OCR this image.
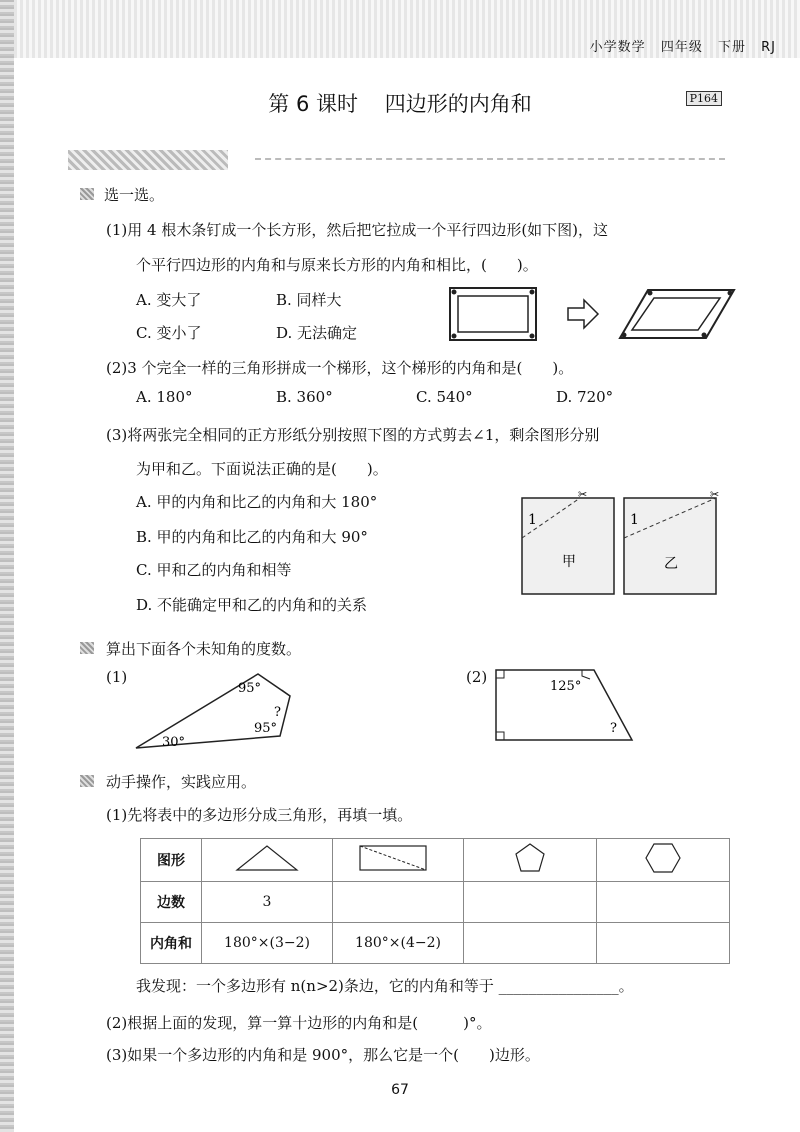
小学数学 四年级 下册 RJ
第 6 课时 四边形的内角和	P164
选一选。
(1)用 4 根木条钉成一个长方形，然后把它拉成一个平行四边形(如下图)，这
个平行四边形的内角和与原来长方形的内角和相比，(　　)。
A. 变大了	B. 同样大
C. 变小了	D. 无法确定
(2)3 个完全一样的三角形拼成一个梯形，这个梯形的内角和是(　　)。
A. 180°	B. 360°	C. 540°	D. 720°
(3)将两张完全相同的正方形纸分别按照下图的方式剪去∠1，剩余图形分别
为甲和乙。下面说法正确的是(　　)。
A. 甲的内角和比乙的内角和大 180°
B. 甲的内角和比乙的内角和大 90°
C. 甲和乙的内角和相等
D. 不能确定甲和乙的内角和的关系
✂	✂
1	1
甲	乙
算出下面各个未知角的度数。
(1)	(2)
95°
?
95°
30°
125°
?
动手操作，实践应用。
(1)先将表中的多边形分成三角形，再填一填。
图形				
边数	3			
内角和	180°×(3−2)	180°×(4−2)		
我发现：一个多边形有 n(n>2)条边，它的内角和等于 ________________。
(2)根据上面的发现，算一算十边形的内角和是(　　　)°。
(3)如果一个多边形的内角和是 900°，那么它是一个(　　)边形。
67
